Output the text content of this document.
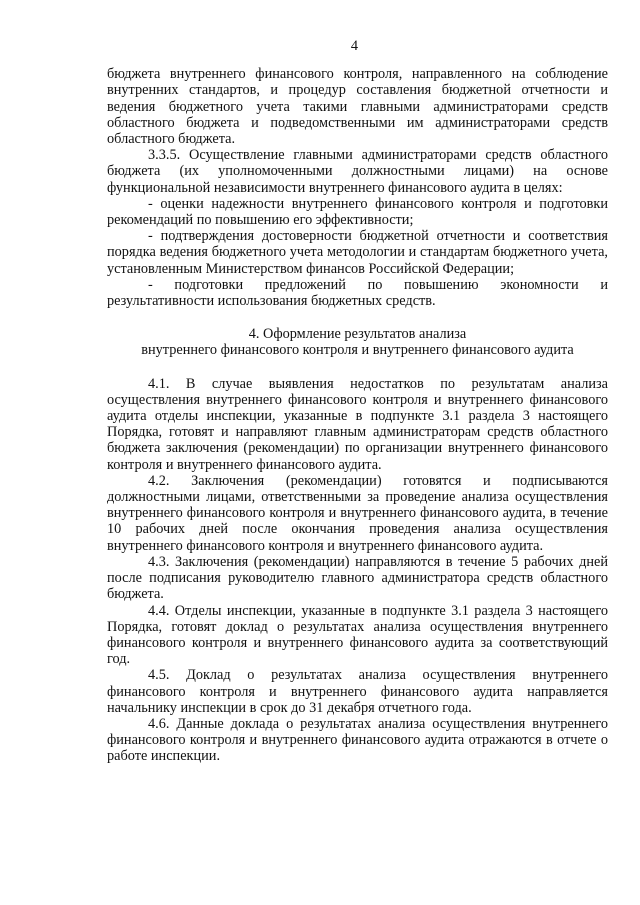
4

бюджета внутреннего финансового контроля, направленного на соблюдение внутренних стандартов, и процедур составления бюджетной отчетности и ведения бюджетного учета такими главными администраторами средств областного бюджета и подведомственными им администраторами средств областного бюджета.

3.3.5. Осуществление главными администраторами средств областного бюджета (их уполномоченными должностными лицами) на основе функциональной независимости внутреннего финансового аудита в целях:

- оценки надежности внутреннего финансового контроля и подготовки рекомендаций по повышению его эффективности;

- подтверждения достоверности бюджетной отчетности и соответствия порядка ведения бюджетного учета методологии и стандартам бюджетного учета, установленным Министерством финансов Российской Федерации;

- подготовки предложений по повышению экономности и результативности использования бюджетных средств.

4. Оформление результатов анализа

внутреннего финансового контроля и внутреннего финансового аудита

4.1. В случае выявления недостатков по результатам анализа осуществления внутреннего финансового контроля и внутреннего финансового аудита отделы инспекции, указанные в подпункте 3.1 раздела 3 настоящего Порядка, готовят и направляют главным администраторам средств областного бюджета заключения (рекомендации) по организации внутреннего финансового контроля и внутреннего финансового аудита.

4.2. Заключения (рекомендации) готовятся и подписываются должностными лицами, ответственными за проведение анализа осуществления внутреннего финансового контроля и внутреннего финансового аудита, в течение 10 рабочих дней после окончания проведения анализа осуществления внутреннего финансового контроля и внутреннего финансового аудита.

4.3. Заключения (рекомендации) направляются в течение 5 рабочих дней после подписания руководителю главного администратора средств областного бюджета.

4.4. Отделы инспекции, указанные в подпункте 3.1 раздела 3 настоящего Порядка, готовят доклад о результатах анализа осуществления внутреннего финансового контроля и внутреннего финансового аудита за соответствующий год.

4.5. Доклад о результатах анализа осуществления внутреннего финансового контроля и внутреннего финансового аудита направляется начальнику инспекции в срок до 31 декабря отчетного года.

4.6. Данные доклада о результатах анализа осуществления внутреннего финансового контроля и внутреннего финансового аудита отражаются в отчете о работе инспекции.
